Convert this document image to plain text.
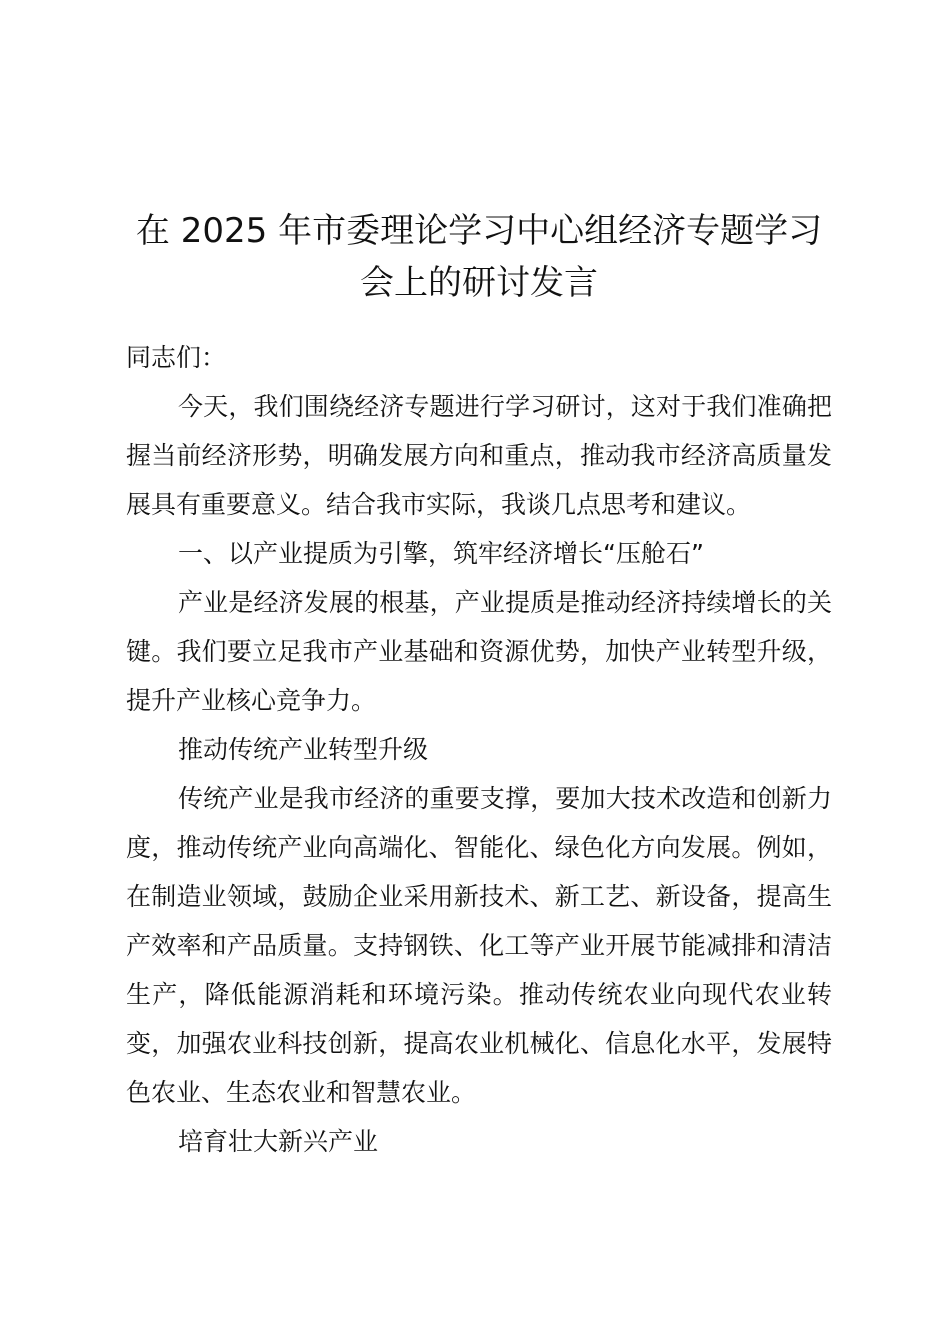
在 2025 年市委理论学习中心组经济专题学习
会上的研讨发言

同志们：

今天，我们围绕经济专题进行学习研讨，这对于我们准确把握当前经济形势，明确发展方向和重点，推动我市经济高质量发展具有重要意义。结合我市实际，我谈几点思考和建议。

一、以产业提质为引擎，筑牢经济增长“压舱石”

产业是经济发展的根基，产业提质是推动经济持续增长的关键。我们要立足我市产业基础和资源优势，加快产业转型升级，提升产业核心竞争力。

推动传统产业转型升级

传统产业是我市经济的重要支撑，要加大技术改造和创新力度，推动传统产业向高端化、智能化、绿色化方向发展。例如，在制造业领域，鼓励企业采用新技术、新工艺、新设备，提高生产效率和产品质量。支持钢铁、化工等产业开展节能减排和清洁生产，降低能源消耗和环境污染。推动传统农业向现代农业转变，加强农业科技创新，提高农业机械化、信息化水平，发展特色农业、生态农业和智慧农业。

培育壮大新兴产业
